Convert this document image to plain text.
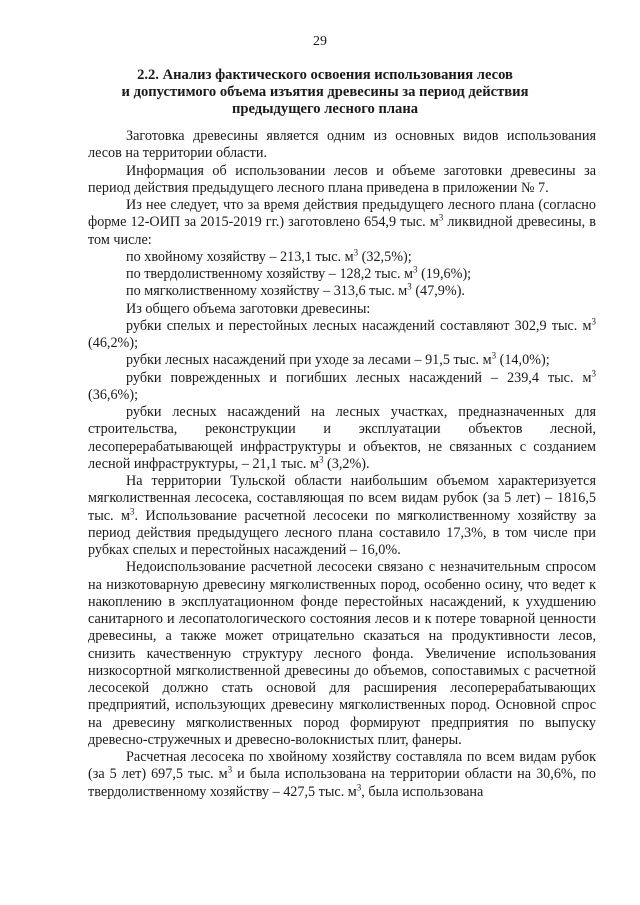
29
2.2. Анализ фактического освоения использования лесов
и допустимого объема изъятия древесины за период действия
предыдущего лесного плана

Заготовка древесины является одним из основных видов использования лесов на территории области.

Информация об использовании лесов и объеме заготовки древесины за период действия предыдущего лесного плана приведена в приложении № 7.

Из нее следует, что за время действия предыдущего лесного плана (согласно форме 12-ОИП за 2015-2019 гг.) заготовлено 654,9 тыс. $м^3$ ликвидной древесины, в том числе:

по хвойному хозяйству – 213,1 тыс. $м^3$ (32,5%);

по твердолиственному хозяйству – 128,2 тыс. $м^3$ (19,6%);

по мягколиственному хозяйству – 313,6 тыс. $м^3$ (47,9%).

Из общего объема заготовки древесины:

рубки спелых и перестойных лесных насаждений составляют 302,9 тыс. $м^3$ (46,2%);

рубки лесных насаждений при уходе за лесами – 91,5 тыс. $м^3$ (14,0%);

рубки поврежденных и погибших лесных насаждений – 239,4 тыс. $м^3$ (36,6%);

рубки лесных насаждений на лесных участках, предназначенных для строительства, реконструкции и эксплуатации объектов лесной, лесоперерабатывающей инфраструктуры и объектов, не связанных с созданием лесной инфраструктуры, – 21,1 тыс. $м^3$ (3,2%).

На территории Тульской области наибольшим объемом характеризуется мягколиственная лесосека, составляющая по всем видам рубок (за 5 лет) – 1816,5 тыс. $м^3$. Использование расчетной лесосеки по мягколиственному хозяйству за период действия предыдущего лесного плана составило 17,3%, в том числе при рубках спелых и перестойных насаждений – 16,0%.

Недоиспользование расчетной лесосеки связано с незначительным спросом на низкотоварную древесину мягколиственных пород, особенно осину, что ведет к накоплению в эксплуатационном фонде перестойных насаждений, к ухудшению санитарного и лесопатологического состояния лесов и к потере товарной ценности древесины, а также может отрицательно сказаться на продуктивности лесов, снизить качественную структуру лесного фонда. Увеличение использования низкосортной мягколиственной древесины до объемов, сопоставимых с расчетной лесосекой должно стать основой для расширения лесоперерабатывающих предприятий, использующих древесину мягколиственных пород. Основной спрос на древесину мягколиственных пород формируют предприятия по выпуску древесно-стружечных и древесно-волокнистых плит, фанеры.

Расчетная лесосека по хвойному хозяйству составляла по всем видам рубок (за 5 лет) 697,5 тыс. $м^3$ и была использована на территории области на 30,6%, по твердолиственному хозяйству – 427,5 тыс. $м^3$, была использована
